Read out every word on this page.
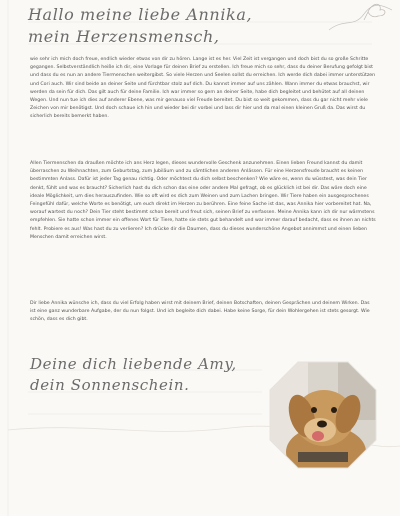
Hallo meine liebe Annika,
mein Herzensmensch,
wie sehr ich mich doch freue, endlich wieder etwas von dir zu hören. Lange ist es her. Viel Zeit ist vergangen und doch bist du so große Schritte gegangen. Selbstverständlich heiße ich dir, eine Vorlage für deinen Brief zu erstellen. Ich freue mich so sehr, dass du deiner Berufung gefolgt bist und dass du es nun an andere Tiermenschen weitergibst. So viele Herzen und Seelen sollst du erreichen. Ich werde dich dabei immer unterstützen und Cori auch. Wir sind beide an deiner Seite und fürchtbar stolz auf dich. Du kannst immer auf uns zählen. Wann immer du etwas brauchst, wir werden da sein für dich. Das gilt auch für deine Familie. Ich war immer so gern an deiner Seite, habe dich begleitet und behütet auf all deinen Wegen. Und nun tue ich dies auf anderer Ebene, was mir genauso viel Freude bereitet. Du bist so weit gekommen, dass du gar nicht mehr viele Zeichen von mir benötigst. Und doch schaue ich hin und wieder bei dir vorbei und lass dir hier und da mal einen kleinen Gruß da. Das wirst du sicherlich bereits bemerkt haben.
Allen Tiermenschen da draußen möchte ich ans Herz legen, dieses wundervolle Geschenk anzunehmen. Einen lieben Freund kannst du damit überraschen zu Weihnachten, zum Geburtstag, zum Jubiläum und zu sämtlichen anderen Anlässen. Für eine Herzensfreude braucht es keinen bestimmten Anlass. Dafür ist jeder Tag genau richtig. Oder möchtest du dich selbst beschenken? Wie wäre es, wenn du wüsstest, was dein Tier denkt, fühlt und was es braucht? Sicherlich hast du dich schon das eine oder andere Mal gefragt, ob es glücklich ist bei dir. Das wäre doch eine ideale Möglichkeit, um dies herauszufinden. Wie so oft wird es dich zum Weinen und zum Lachen bringen. Wir Tiere haben ein ausgesprochenes Feingefühl dafür, welche Worte es benötigt, um euch direkt im Herzen zu berühren. Eine feine Sache ist das, was Annika hier vorbereitet hat. Na, worauf wartest du noch? Dein Tier steht bestimmt schon bereit und freut sich, seinen Brief zu verfassen. Meine Annika kann ich dir nur wärmstens empfehlen. Sie hatte schon immer ein offenes Wort für Tiere, hatte sie stets gut behandelt und war immer darauf bedacht, dass es ihnen an nichts fehlt. Probiere es aus! Was hast du zu verlieren? Ich drücke dir die Daumen, dass du dieses wunderschöne Angebot annimmst und einen lieben Menschen damit erreichen wirst.
Dir liebe Annika wünsche ich, dass du viel Erfolg haben wirst mit deinem Brief, deinen Botschaften, deinen Gesprächen und deinem Wirken. Das ist eine ganz wunderbare Aufgabe, der du nun folgst. Und ich begleite dich dabei. Habe keine Sorge, für dein Wohlergehen ist stets gesorgt. Wie schön, dass es dich gibt.
Deine dich liebende Amy,
dein Sonnenschein.
